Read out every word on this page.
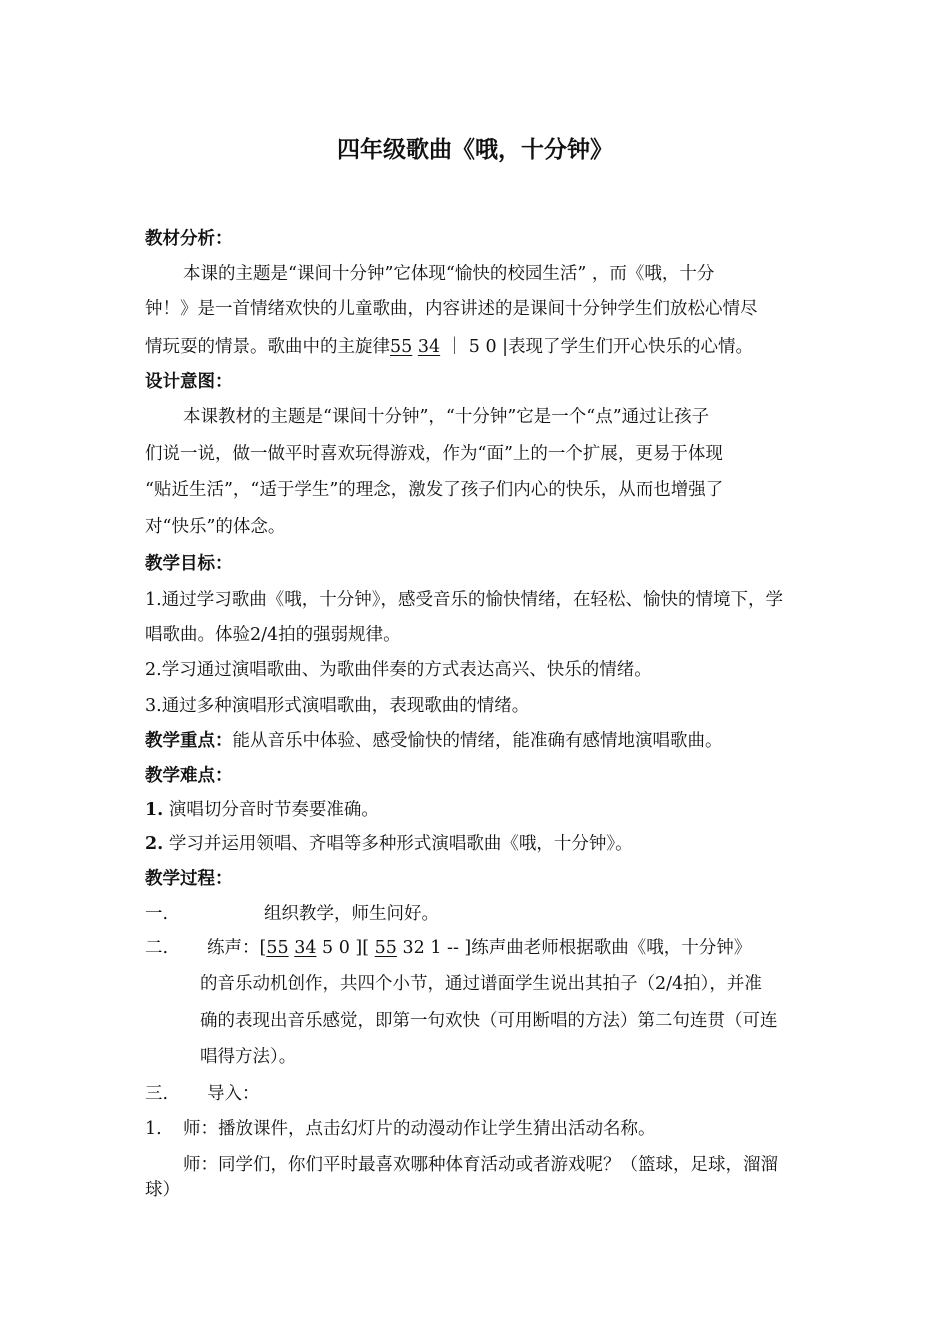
四年级歌曲《哦，十分钟》
教材分析：
本课的主题是“课间十分钟”它体现“愉快的校园生活” ，而《哦，十分
钟！》是一首情绪欢快的儿童歌曲，内容讲述的是课间十分钟学生们放松心情尽
情玩耍的情景。歌曲中的主旋律55 34 ｜ 5 0 |表现了学生们开心快乐的心情。
设计意图：
本课教材的主题是“课间十分钟”，“十分钟”它是一个“点”通过让孩子
们说一说，做一做平时喜欢玩得游戏，作为“面”上的一个扩展，更易于体现
“贴近生活”，“适于学生”的理念，激发了孩子们内心的快乐，从而也增强了
对“快乐”的体念。
教学目标：
1.通过学习歌曲《哦，十分钟》，感受音乐的愉快情绪，在轻松、愉快的情境下，学
唱歌曲。体验2/4拍的强弱规律。
2.学习通过演唱歌曲、为歌曲伴奏的方式表达高兴、快乐的情绪。
3.通过多种演唱形式演唱歌曲，表现歌曲的情绪。
教学重点：能从音乐中体验、感受愉快的情绪，能准确有感情地演唱歌曲。
教学难点：
1. 演唱切分音时节奏要准确。
2. 学习并运用领唱、齐唱等多种形式演唱歌曲《哦，十分钟》。
教学过程：
一.	组织教学，师生问好。
二. 练声：[55 34 5 0 ][ 55 32 1 -- ]练声曲老师根据歌曲《哦，十分钟》
的音乐动机创作，共四个小节，通过谱面学生说出其拍子（2/4拍），并准
确的表现出音乐感觉，即第一句欢快（可用断唱的方法）第二句连贯（可连
唱得方法）。
三. 导入：
1. 师：播放课件，点击幻灯片的动漫动作让学生猜出活动名称。
师：同学们，你们平时最喜欢哪种体育活动或者游戏呢？（篮球，足球，溜溜
球）
